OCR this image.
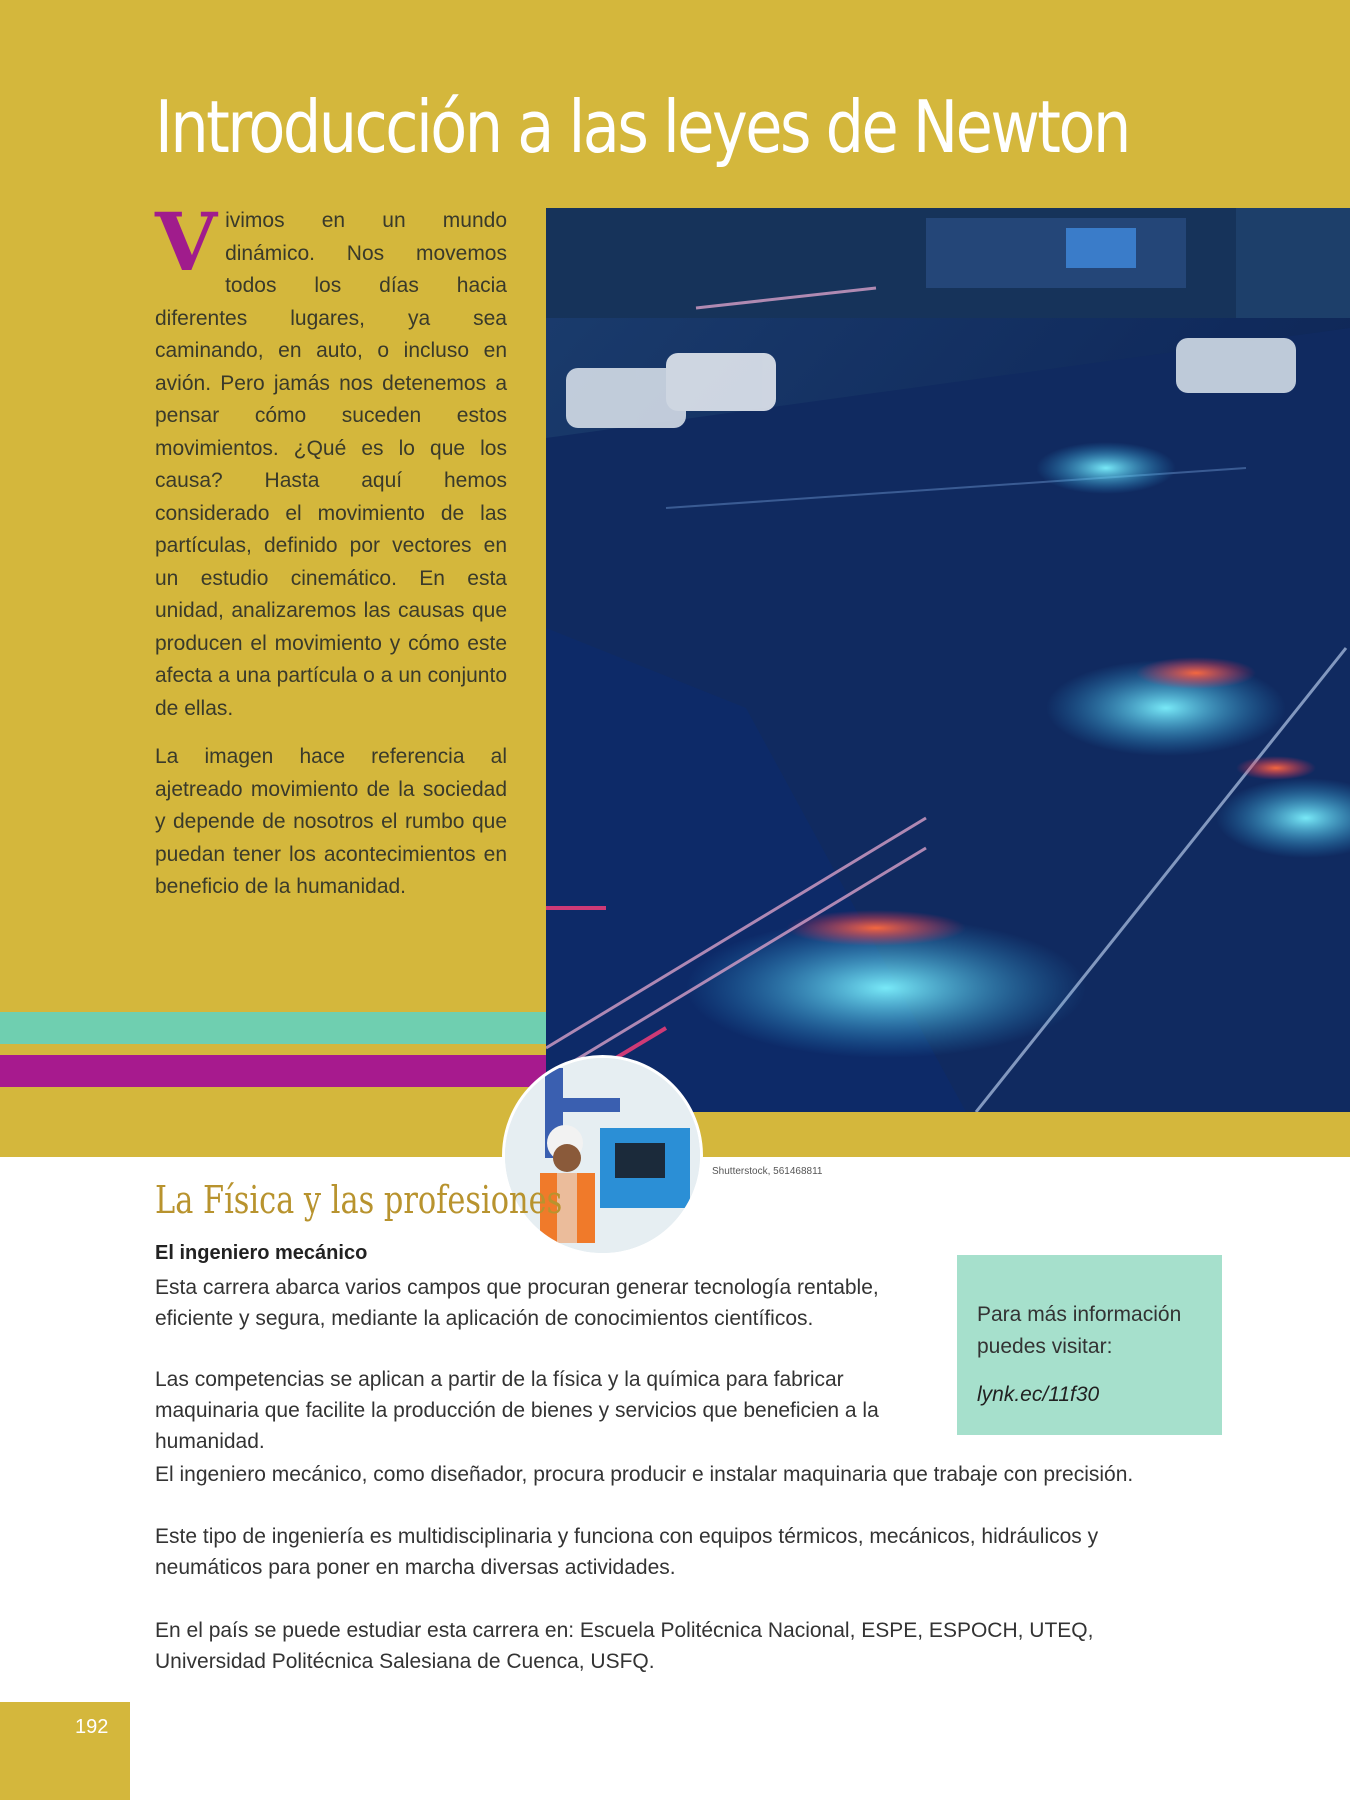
Introducción a las leyes de Newton

Vivimos en un mundo dinámico. Nos movemos todos los días hacia diferentes lugares, ya sea caminando, en auto, o incluso en avión. Pero jamás nos detenemos a pensar cómo suceden estos movimientos. ¿Qué es lo que los causa? Hasta aquí hemos considerado el movimiento de las partículas, definido por vectores en un estudio cinemático. En esta unidad, analizaremos las causas que producen el movimiento y cómo este afecta a una partícula o a un conjunto de ellas.

La imagen hace referencia al ajetreado movimiento de la sociedad y depende de nosotros el rumbo que puedan tener los acontecimientos en beneficio de la humanidad.

Shutterstock, 561468811
La Física y las profesiones
El ingeniero mecánico

Esta carrera abarca varios campos que procuran generar tecnología rentable, eficiente y segura, mediante la aplicación de conocimientos científicos.

Las competencias se aplican a partir de la física y la química para fabricar maquinaria que facilite la producción de bienes y servicios que beneficien a la humanidad.

El ingeniero mecánico, como diseñador, procura producir e instalar maquinaria que trabaje con precisión.

Este tipo de ingeniería es multidisciplinaria y funciona con equipos térmicos, mecánicos, hidráulicos y neumáticos para poner en marcha diversas actividades.

En el país se puede estudiar esta carrera en: Escuela Politécnica Nacional, ESPE, ESPOCH, UTEQ, Universidad Politécnica Salesiana de Cuenca, USFQ.

Para más información puedes visitar:
lynk.ec/11f30
192
